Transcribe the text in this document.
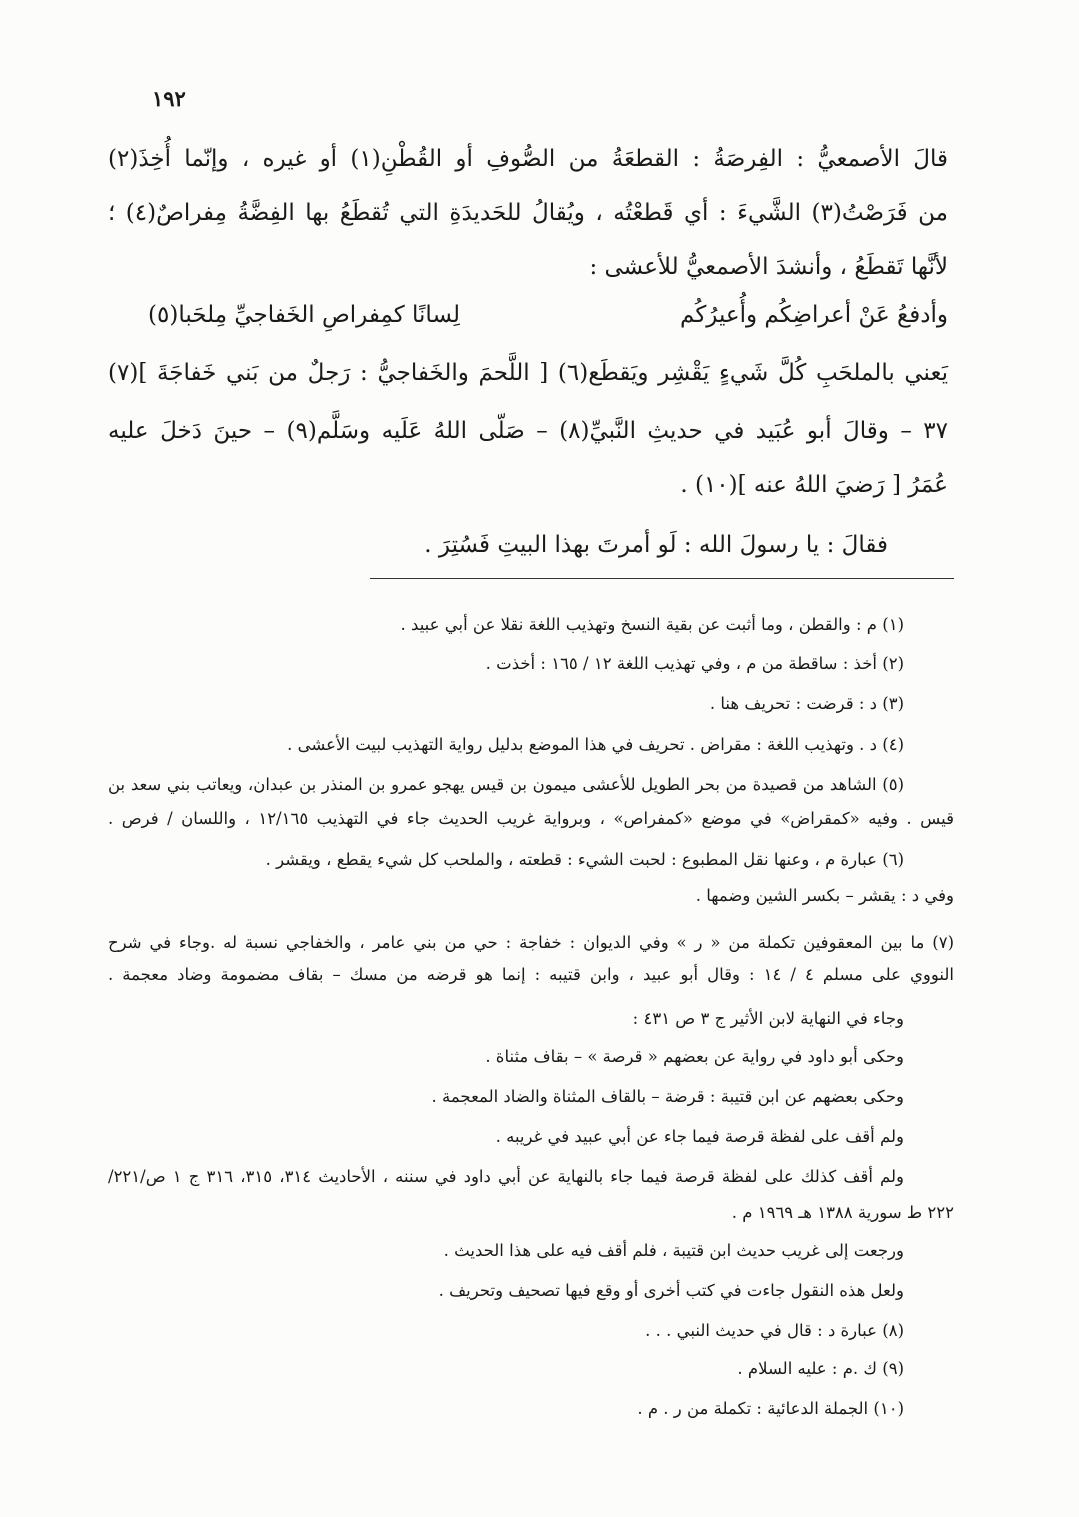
١٩٢
قالَ الأصمعيُّ : الفِرصَةُ : القطعَةُ من الصُّوفِ أو القُطْنِ(١) أو غيره ، وإنّما أُخِذَ(٢)
من فَرَصْتُ(٣) الشَّيءَ : أي قَطعْتُه ، ويُقالُ للحَديدَةِ التي تُقطَعُ بها الفِضَّةُ مِفراصٌ(٤) ؛
لأنَّها تَقطَعُ ، وأنشدَ الأصمعيُّ للأعشى :
وأدفعُ عَنْ أعراضِكُم وأُعيرُكُم
لِسانًا كمِفراصِ الخَفاجيِّ مِلحَبا(٥)
يَعني بالملحَبِ كُلَّ شَيءٍ يَقْشِر ويَقطَع(٦) [ اللَّحمَ والخَفاجيُّ : رَجلٌ من بَني خَفاجَةَ ](٧)
٣٧ – وقالَ أبو عُبَيد في حديثِ النَّبيِّ(٨) – صَلّى اللهُ عَلَيه وسَلَّم(٩) – حينَ دَخلَ عليه
عُمَرُ [ رَضيَ اللهُ عنه ](١٠) .
فقالَ : يا رسولَ الله : لَو أمرتَ بهذا البيتِ فَسُتِرَ .
(١) م : والقطن ، وما أثبت عن بقية النسخ وتهذيب اللغة نقلا عن أبي عبيد .
(٢) أخذ : ساقطة من م ، وفي تهذيب اللغة ١٢ / ١٦٥ : أخذت .
(٣) د : قرضت : تحريف هنا .
(٤) د . وتهذيب اللغة : مقراض . تحريف في هذا الموضع بدليل رواية التهذيب لبيت الأعشى .
(٥) الشاهد من قصيدة من بحر الطويل للأعشى ميمون بن قيس يهجو عمرو بن المنذر بن عبدان، ويعاتب بني سعد بن
قيس . وفيه «كمقراض» في موضع «كمفراص» ، وبرواية غريب الحديث جاء في التهذيب ١٢/١٦٥ ، واللسان / فرص .
(٦) عبارة م ، وعنها نقل المطبوع : لحبت الشيء : قطعته ، والملحب كل شيء يقطع ، ويقشر .
وفي د : يقشر – بكسر الشين وضمها .
(٧) ما بين المعقوفين تكملة من « ر » وفي الديوان : خفاجة : حي من بني عامر ، والخفاجي نسبة له .وجاء في شرح
النووي على مسلم ٤ / ١٤ : وقال أبو عبيد ، وابن قتيبه : إنما هو قرضه من مسك – بقاف مضمومة وضاد معجمة .
وجاء في النهاية لابن الأثير ج ٣ ص ٤٣١ :
وحكى أبو داود في رواية عن بعضهم « قرصة » – بقاف مثناة .
وحكى بعضهم عن ابن قتيبة : قرضة – بالقاف المثناة والضاد المعجمة .
ولم أقف على لفظة قرصة فيما جاء عن أبي عبيد في غريبه .
ولم أقف كذلك على لفظة قرصة فيما جاء بالنهاية عن أبي داود في سننه ، الأحاديث ٣١٤، ٣١٥، ٣١٦ ج ١ ص/٢٢١/
٢٢٢ ط سورية ١٣٨٨ هـ ١٩٦٩ م .
ورجعت إلى غريب حديث ابن قتيبة ، فلم أقف فيه على هذا الحديث .
ولعل هذه النقول جاءت في كتب أخرى أو وقع فيها تصحيف وتحريف .
(٨) عبارة د : قال في حديث النبي . . .
(٩) ك .م : عليه السلام .
(١٠) الجملة الدعائية : تكملة من ر . م .
